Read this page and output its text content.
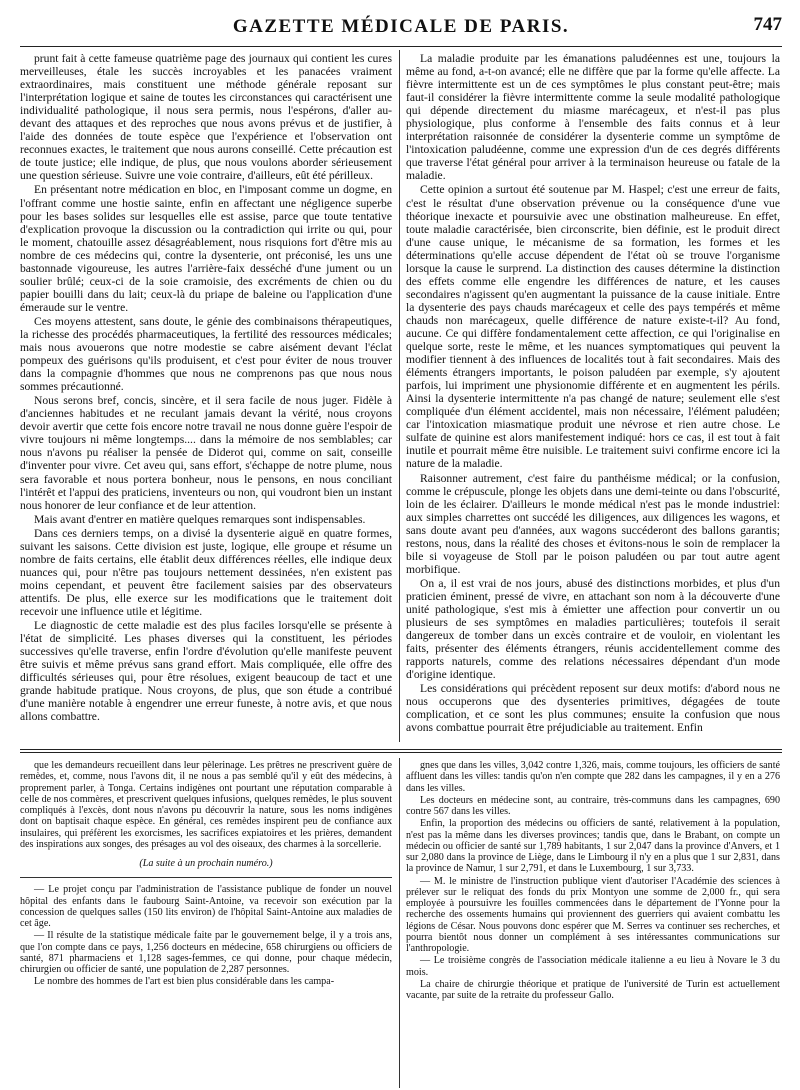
GAZETTE MÉDICALE DE PARIS.	747

prunt fait à cette fameuse quatrième page des journaux qui contient les cures merveilleuses, étale les succès incroyables et les panacées vraiment extraordinaires, mais constituent une méthode générale reposant sur l'interprétation logique et saine de toutes les circonstances qui caractérisent une individualité pathologique, il nous sera permis, nous l'espérons, d'aller au-devant des attaques et des reproches que nous avons prévus et de justifier, à l'aide des données de toute espèce que l'expérience et l'observation ont reconnues exactes, le traitement que nous aurons conseillé. Cette précaution est de toute justice; elle indique, de plus, que nous voulons aborder sérieusement une question sérieuse. Suivre une voie contraire, d'ailleurs, eût été périlleux.

En présentant notre médication en bloc, en l'imposant comme un dogme, en l'offrant comme une hostie sainte, enfin en affectant une négligence superbe pour les bases solides sur lesquelles elle est assise, parce que toute tentative d'explication provoque la discussion ou la contradiction qui irrite ou qui, pour le moment, chatouille assez désagréablement, nous risquions fort d'être mis au nombre de ces médecins qui, contre la dysenterie, ont préconisé, les uns une bastonnade vigoureuse, les autres l'arrière-faix desséché d'une jument ou un soulier brûlé; ceux-ci de la soie cramoisie, des excréments de chien ou du papier bouilli dans du lait; ceux-là du priape de baleine ou l'application d'une émeraude sur le ventre.

Ces moyens attestent, sans doute, le génie des combinaisons thérapeutiques, la richesse des procédés pharmaceutiques, la fertilité des ressources médicales; mais nous avouerons que notre modestie se cabre aisément devant l'éclat pompeux des guérisons qu'ils produisent, et c'est pour éviter de nous trouver dans la compagnie d'hommes que nous ne comprenons pas que nous nous sommes précautionné.

Nous serons bref, concis, sincère, et il sera facile de nous juger. Fidèle à d'anciennes habitudes et ne reculant jamais devant la vérité, nous croyons devoir avertir que cette fois encore notre travail ne nous donne guère l'espoir de vivre toujours ni même longtemps.... dans la mémoire de nos semblables; car nous n'avons pu réaliser la pensée de Diderot qui, comme on sait, conseille d'inventer pour vivre. Cet aveu qui, sans effort, s'échappe de notre plume, nous sera favorable et nous portera bonheur, nous le pensons, en nous conciliant l'intérêt et l'appui des praticiens, inventeurs ou non, qui voudront bien un instant nous honorer de leur confiance et de leur attention.

Mais avant d'entrer en matière quelques remarques sont indispensables.

Dans ces derniers temps, on a divisé la dysenterie aiguë en quatre formes, suivant les saisons. Cette division est juste, logique, elle groupe et résume un nombre de faits certains, elle établit deux différences réelles, elle indique deux nuances qui, pour n'être pas toujours nettement dessinées, n'en existent pas moins cependant, et peuvent être facilement saisies par des observateurs attentifs. De plus, elle exerce sur les modifications que le traitement doit recevoir une influence utile et légitime.

Le diagnostic de cette maladie est des plus faciles lorsqu'elle se présente à l'état de simplicité. Les phases diverses qui la constituent, les périodes successives qu'elle traverse, enfin l'ordre d'évolution qu'elle manifeste peuvent être suivis et même prévus sans grand effort. Mais compliquée, elle offre des difficultés sérieuses qui, pour être résolues, exigent beaucoup de tact et une grande habitude pratique. Nous croyons, de plus, que son étude a contribué d'une manière notable à engendrer une erreur funeste, à notre avis, et que nous allons combattre.

La maladie produite par les émanations paludéennes est une, toujours la même au fond, a-t-on avancé; elle ne diffère que par la forme qu'elle affecte. La fièvre intermittente est un de ces symptômes le plus constant peut-être; mais faut-il considérer la fièvre intermittente comme la seule modalité pathologique qui dépende directement du miasme marécageux, et n'est-il pas plus physiologique, plus conforme à l'ensemble des faits connus et à leur interprétation raisonnée de considérer la dysenterie comme un symptôme de l'intoxication paludéenne, comme une expression d'un de ces degrés différents que traverse l'état général pour arriver à la terminaison heureuse ou fatale de la maladie.

Cette opinion a surtout été soutenue par M. Haspel; c'est une erreur de faits, c'est le résultat d'une observation prévenue ou la conséquence d'une vue théorique inexacte et poursuivie avec une obstination malheureuse. En effet, toute maladie caractérisée, bien circonscrite, bien définie, est le produit direct d'une cause unique, le mécanisme de sa formation, les formes et les déterminations qu'elle accuse dépendent de l'état où se trouve l'organisme lorsque la cause le surprend. La distinction des causes détermine la distinction des effets comme elle engendre les différences de nature, et les causes secondaires n'agissent qu'en augmentant la puissance de la cause initiale. Entre la dysenterie des pays chauds marécageux et celle des pays tempérés et même chauds non marécageux, quelle différence de nature existe-t-il? Au fond, aucune. Ce qui diffère fondamentalement cette affection, ce qui l'originalise en quelque sorte, reste le même, et les nuances symptomatiques qui peuvent la modifier tiennent à des influences de localités tout à fait secondaires. Mais des éléments étrangers importants, le poison paludéen par exemple, s'y ajoutent parfois, lui impriment une physionomie différente et en augmentent les périls. Ainsi la dysenterie intermittente n'a pas changé de nature; seulement elle s'est compliquée d'un élément accidentel, mais non nécessaire, l'élément paludéen; car l'intoxication miasmatique produit une névrose et rien autre chose. Le sulfate de quinine est alors manifestement indiqué: hors ce cas, il est tout à fait inutile et pourrait même être nuisible. Le traitement suivi confirme encore ici la nature de la maladie.

Raisonner autrement, c'est faire du panthéisme médical; or la confusion, comme le crépuscule, plonge les objets dans une demi-teinte ou dans l'obscurité, loin de les éclairer. D'ailleurs le monde médical n'est pas le monde industriel: aux simples charrettes ont succédé les diligences, aux diligences les wagons, et sans doute avant peu d'années, aux wagons succéderont des ballons garantis; restons, nous, dans la réalité des choses et évitons-nous le soin de remplacer la bile si voyageuse de Stoll par le poison paludéen ou par tout autre agent morbifique.

On a, il est vrai de nos jours, abusé des distinctions morbides, et plus d'un praticien éminent, pressé de vivre, en attachant son nom à la découverte d'une unité pathologique, s'est mis à émietter une affection pour convertir un ou plusieurs de ses symptômes en maladies particulières; toutefois il serait dangereux de tomber dans un excès contraire et de vouloir, en violentant les faits, présenter des éléments étrangers, réunis accidentellement comme des rapports naturels, comme des relations nécessaires dépendant d'un mode d'origine identique.

Les considérations qui précèdent reposent sur deux motifs: d'abord nous ne nous occuperons que des dysenteries primitives, dégagées de toute complication, et ce sont les plus communes; ensuite la confusion que nous avons combattue pourrait être préjudiciable au traitement. Enfin

que les demandeurs recueillent dans leur pèlerinage. Les prêtres ne prescrivent guère de remèdes, et, comme, nous l'avons dit, il ne nous a pas semblé qu'il y eût des médecins, à proprement parler, à Tonga. Certains indigènes ont pourtant une réputation comparable à celle de nos commères, et prescrivent quelques infusions, quelques remèdes, le plus souvent compliqués à l'excès, dont nous n'avons pu découvrir la nature, sous les noms indigènes dont on baptisait chaque espèce. En général, ces remèdes inspirent peu de confiance aux insulaires, qui préfèrent les exorcismes, les sacrifices expiatoires et les prières, demandent des inspirations aux songes, des présages au vol des oiseaux, des charmes à la sorcellerie.

(La suite à un prochain numéro.)

— Le projet conçu par l'administration de l'assistance publique de fonder un nouvel hôpital des enfants dans le faubourg Saint-Antoine, va recevoir son exécution par la concession de quelques salles (150 lits environ) de l'hôpital Saint-Antoine aux maladies de cet âge.

— Il résulte de la statistique médicale faite par le gouvernement belge, il y a trois ans, que l'on compte dans ce pays, 1,256 docteurs en médecine, 658 chirurgiens ou officiers de santé, 871 pharmaciens et 1,128 sages-femmes, ce qui donne, pour chaque médecin, chirurgien ou officier de santé, une population de 2,287 personnes.

Le nombre des hommes de l'art est bien plus considérable dans les campa-

gnes que dans les villes, 3,042 contre 1,326, mais, comme toujours, les officiers de santé affluent dans les villes: tandis qu'on n'en compte que 282 dans les campagnes, il y en a 276 dans les villes.

Les docteurs en médecine sont, au contraire, très-communs dans les campagnes, 690 contre 567 dans les villes.

Enfin, la proportion des médecins ou officiers de santé, relativement à la population, n'est pas la même dans les diverses provinces; tandis que, dans le Brabant, on compte un médecin ou officier de santé sur 1,789 habitants, 1 sur 2,047 dans la province d'Anvers, et 1 sur 2,080 dans la province de Liège, dans le Limbourg il n'y en a plus que 1 sur 2,831, dans la province de Namur, 1 sur 2,791, et dans le Luxembourg, 1 sur 3,733.

— M. le ministre de l'instruction publique vient d'autoriser l'Académie des sciences à prélever sur le reliquat des fonds du prix Montyon une somme de 2,000 fr., qui sera employée à poursuivre les fouilles commencées dans le département de l'Yonne pour la recherche des ossements humains qui proviennent des guerriers qui avaient combattu les légions de César. Nous pouvons donc espérer que M. Serres va continuer ses recherches, et pourra bientôt nous donner un complément à ses intéressantes communications sur l'anthropologie.

— Le troisième congrès de l'association médicale italienne a eu lieu à Novare le 3 du mois.

La chaire de chirurgie théorique et pratique de l'université de Turin est actuellement vacante, par suite de la retraite du professeur Gallo.
